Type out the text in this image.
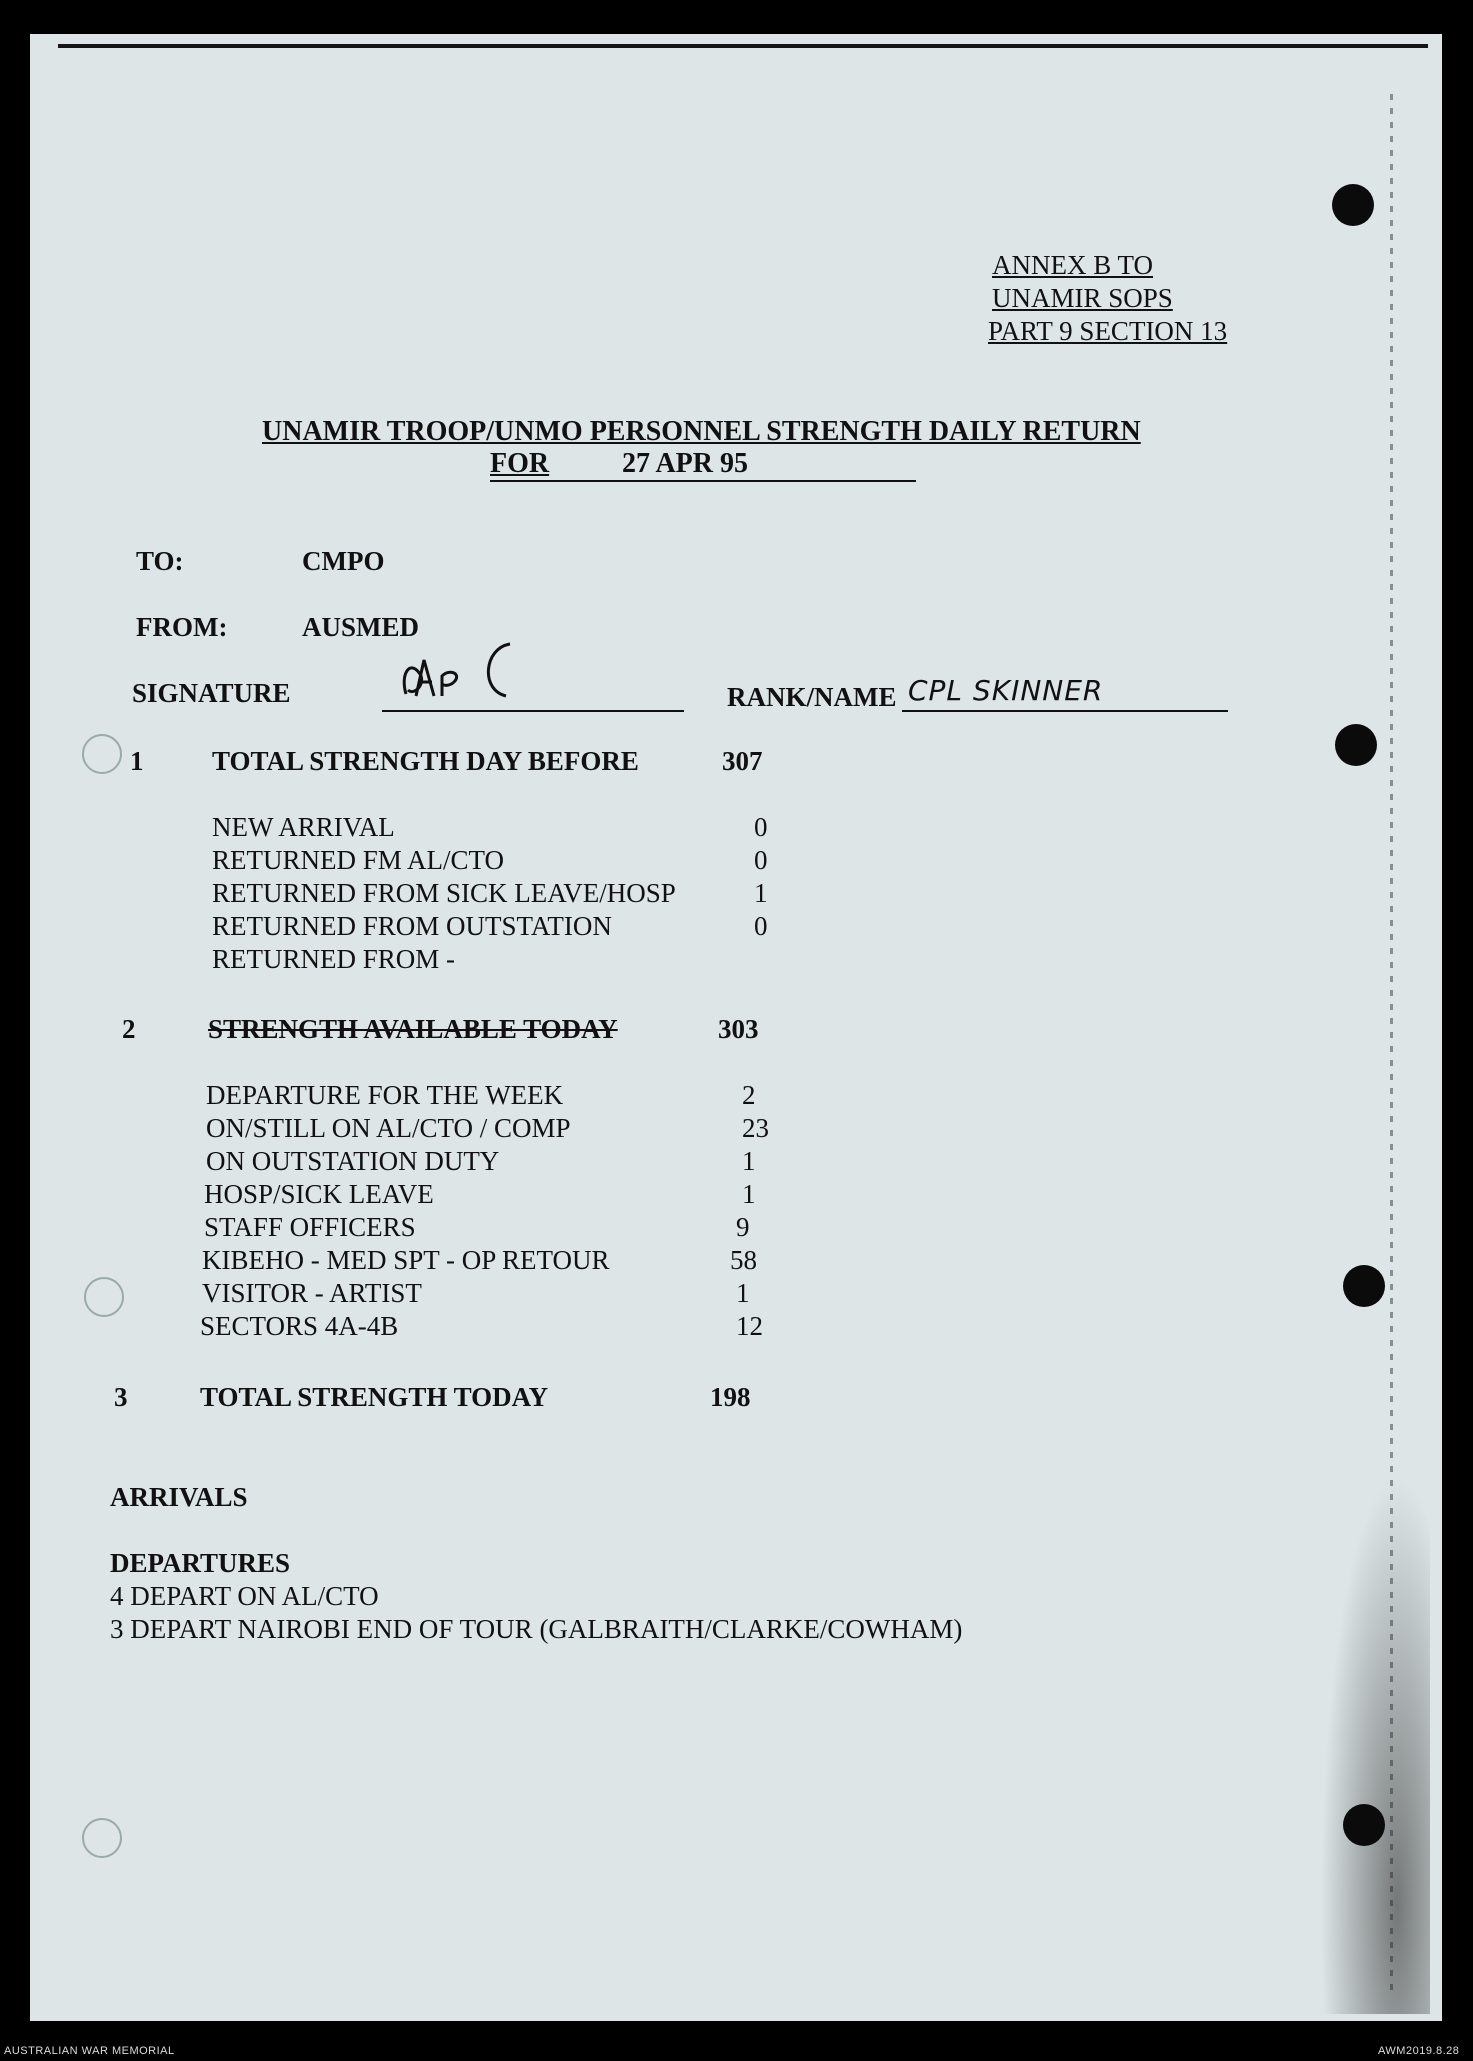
ANNEX B TO
UNAMIR SOPS
PART 9 SECTION 13
UNAMIR TROOP/UNMO PERSONNEL STRENGTH DAILY RETURN
FOR	27 APR 95
TO:	CMPO
FROM:	AUSMED
SIGNATURE	RANK/NAME CPL SKINNER
1	TOTAL STRENGTH DAY BEFORE	307
NEW ARRIVAL	0
RETURNED FM AL/CTO	0
RETURNED FROM SICK LEAVE/HOSP	1
RETURNED FROM OUTSTATION	0
RETURNED FROM -
2	STRENGTH AVAILABLE TODAY	303
DEPARTURE FOR THE WEEK	2
ON/STILL ON AL/CTO / COMP	23
ON OUTSTATION DUTY	1
HOSP/SICK LEAVE	1
STAFF OFFICERS	9
KIBEHO - MED SPT - OP RETOUR	58
VISITOR - ARTIST	1
SECTORS 4A-4B	12
3	TOTAL STRENGTH TODAY	198
ARRIVALS
DEPARTURES
4 DEPART ON AL/CTO
3 DEPART NAIROBI END OF TOUR (GALBRAITH/CLARKE/COWHAM)
AUSTRALIAN WAR MEMORIAL	AWM2019.8.28
